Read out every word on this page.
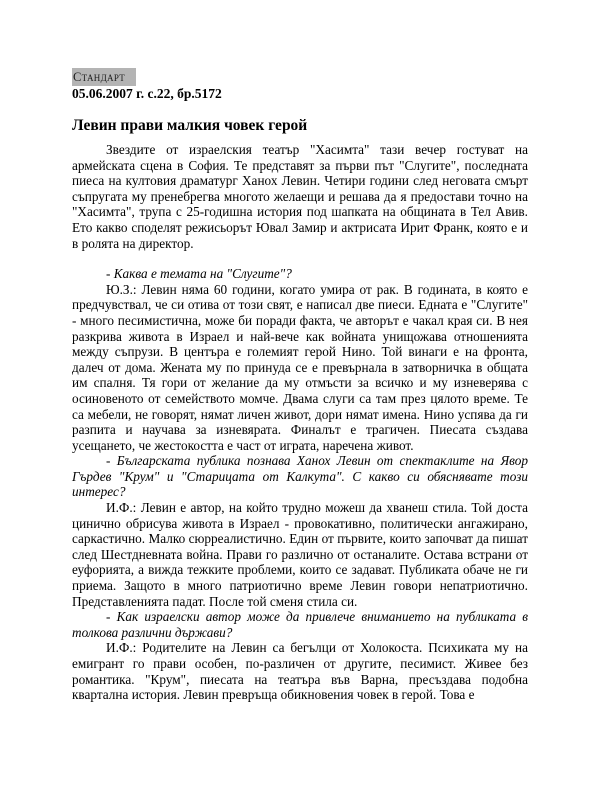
Стандарт
05.06.2007 г. с.22, бр.5172
Левин прави малкия човек герой

Звездите от израелския театър "Хасимта" тази вечер гостуват на армейската сцена в София. Те представят за първи път "Слугите", последната пиеса на култовия драматург Ханох Левин. Четири години след неговата смърт съпругата му пренебрегва многото желаещи и решава да я предостави точно на "Хасимта", трупа с 25-годишна история под шапката на общината в Тел Авив. Ето какво споделят режисьорът Ювал Замир и актрисата Ирит Франк, която е и в ролята на директор.

- Каква е темата на "Слугите"?

Ю.З.: Левин няма 60 години, когато умира от рак. В годината, в която е предчувствал, че си отива от този свят, е написал две пиеси. Едната е "Слугите" - много песимистична, може би поради факта, че авторът е чакал края си. В нея разкрива живота в Израел и най-вече как войната унищожава отношенията между съпрузи. В центъра е големият герой Нино. Той винаги е на фронта, далеч от дома. Жената му по принуда се е превърнала в затворничка в общата им спалня. Тя гори от желание да му отмъсти за всичко и му изневерява с осиновеното от семейството момче. Двама слуги са там през цялото време. Те са мебели, не говорят, нямат личен живот, дори нямат имена. Нино успява да ги разпита и научава за изневярата. Финалът е трагичен. Пиесата създава усещането, че жестокостта е част от играта, наречена живот.

- Българската публика познава Ханох Левин от спектаклите на Явор Гърдев "Крум" и "Старицата от Калкута". С какво си обяснявате този интерес?

И.Ф.: Левин е автор, на който трудно можеш да хванеш стила. Той доста цинично обрисува живота в Израел - провокативно, политически ангажирано, саркастично. Малко сюрреалистично. Един от първите, които започват да пишат след Шестдневната война. Прави го различно от останалите. Остава встрани от еуфорията, а вижда тежките проблеми, които се задават. Публиката обаче не ги приема. Защото в много патриотично време Левин говори непатриотично. Представленията падат. После той сменя стила си.

- Как израелски автор може да привлече вниманието на публиката в толкова различни държави?

И.Ф.: Родителите на Левин са бегълци от Холокоста. Психиката му на емигрант го прави особен, по-различен от другите, песимист. Живее без романтика. "Крум", пиесата на театъра във Варна, пресъздава подобна квартална история. Левин превръща обикновения човек в герой. Това е
